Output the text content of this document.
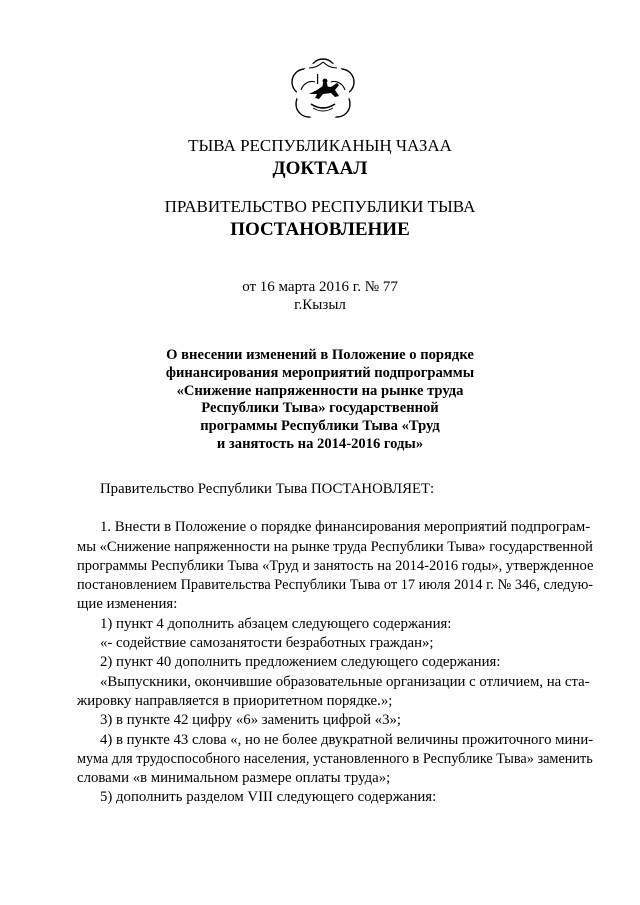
ТЫВА РЕСПУБЛИКАНЫҢ ЧАЗАА
ДОКТААЛ
ПРАВИТЕЛЬСТВО РЕСПУБЛИКИ ТЫВА
ПОСТАНОВЛЕНИЕ
от 16 марта 2016 г. № 77
г.Кызыл
О внесении изменений в Положение о порядке
финансирования мероприятий подпрограммы
«Снижение напряженности на рынке труда
Республики Тыва» государственной
программы Республики Тыва «Труд
и занятость на 2014-2016 годы»
Правительство Республики Тыва ПОСТАНОВЛЯЕТ:
1. Внести в Положение о порядке финансирования мероприятий подпрограм-
мы «Снижение напряженности на рынке труда Республики Тыва» государственной
программы Республики Тыва «Труд и занятость на 2014-2016 годы», утвержденное
постановлением Правительства Республики Тыва от 17 июля 2014 г. № 346, следую-
щие изменения:
1) пункт 4 дополнить абзацем следующего содержания:
«- содействие самозанятости безработных граждан»;
2) пункт 40 дополнить предложением следующего содержания:
«Выпускники, окончившие образовательные организации с отличием, на ста-
жировку направляется в приоритетном порядке.»;
3) в пункте 42 цифру «6» заменить цифрой «3»;
4) в пункте 43 слова «, но не более двукратной величины прожиточного мини-
мума для трудоспособного населения, установленного в Республике Тыва» заменить
словами «в минимальном размере оплаты труда»;
5) дополнить разделом VIII следующего содержания:
